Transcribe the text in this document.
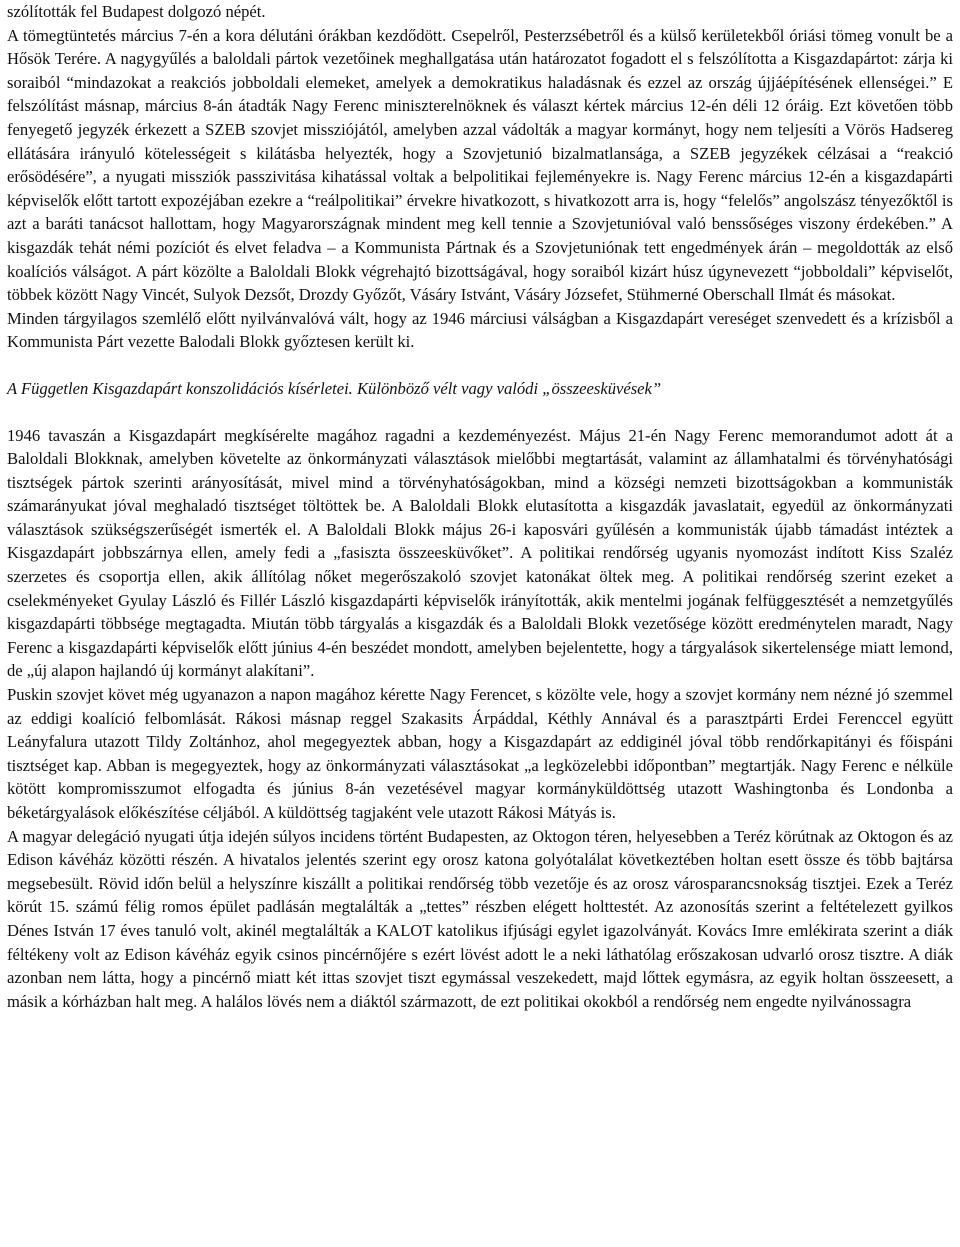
szólították fel Budapest dolgozó népét.

A tömegtüntetés március 7-én a kora délutáni órákban kezdődött. Csepelről, Pesterzsébetről és a külső kerületekből óriási tömeg vonult be a Hősök Terére. A nagygyűlés a baloldali pártok vezetőinek meghallgatása után határozatot fogadott el s felszólította a Kisgazdapártot: zárja ki soraiból “mindazokat a reakciós jobboldali elemeket, amelyek a demokratikus haladásnak és ezzel az ország újjáépítésének ellenségei.” E felszólítást másnap, március 8-án átadták Nagy Ferenc miniszterelnöknek és választ kértek március 12-én déli 12 óráig. Ezt követően több fenyegető jegyzék érkezett a SZEB szovjet missziójától, amelyben azzal vádolták a magyar kormányt, hogy nem teljesíti a Vörös Hadsereg ellátására irányuló kötelességeit s kilátásba helyezték, hogy a Szovjetunió bizalmatlansága, a SZEB jegyzékek célzásai a “reakció erősödésére”, a nyugati missziók passzivitása kihatással voltak a belpolitikai fejleményekre is. Nagy Ferenc március 12-én a kisgazdapárti képviselők előtt tartott expozéjában ezekre a “reálpolitikai” érvekre hivatkozott, s hivatkozott arra is, hogy “felelős” angolszász tényezőktől is azt a baráti tanácsot hallottam, hogy Magyarországnak mindent meg kell tennie a Szovjetunióval való benssőséges viszony érdekében.” A kisgazdák tehát némi pozíciót és elvet feladva – a Kommunista Pártnak és a Szovjetuniónak tett engedmények árán – megoldották az első koalíciós válságot. A párt közölte a Baloldali Blokk végrehajtó bizottságával, hogy soraiból kizárt húsz úgynevezett “jobboldali” képviselőt, többek között Nagy Vincét, Sulyok Dezsőt, Drozdy Győzőt, Vásáry Istvánt, Vásáry Józsefet, Stühmerné Oberschall Ilmát és másokat.

Minden tárgyilagos szemlélő előtt nyilvánvalóvá vált, hogy az 1946 márciusi válságban a Kisgazdapárt vereséget szenvedett és a krízisből a Kommunista Párt vezette Balodali Blokk győztesen került ki.

A Független Kisgazdapárt konszolidációs kísérletei. Különböző vélt vagy valódi „összeesküvések”

1946 tavaszán a Kisgazdapárt megkísérelte magához ragadni a kezdeményezést. Május 21-én Nagy Ferenc memorandumot adott át a Baloldali Blokknak, amelyben követelte az önkormányzati választások mielőbbi megtartását, valamint az államhatalmi és törvényhatósági tisztségek pártok szerinti arányosítását, mivel mind a törvényhatóságokban, mind a községi nemzeti bizottságokban a kommunisták számarányukat jóval meghaladó tisztséget töltöttek be. A Baloldali Blokk elutasította a kisgazdák javaslatait, egyedül az önkormányzati választások szükségszerűségét ismerték el. A Baloldali Blokk május 26-i kaposvári gyűlésén a kommunisták újabb támadást intéztek a Kisgazdapárt jobbszárnya ellen, amely fedi a „fasiszta összeesküvőket”. A politikai rendőrség ugyanis nyomozást indított Kiss Szaléz szerzetes és csoportja ellen, akik állítólag nőket megerőszakoló szovjet katonákat öltek meg. A politikai rendőrség szerint ezeket a cselekményeket Gyulay László és Fillér László kisgazdapárti képviselők irányították, akik mentelmi jogának felfüggesztését a nemzetgyűlés kisgazdapárti többsége megtagadta. Miután több tárgyalás a kisgazdák és a Baloldali Blokk vezetősége között eredménytelen maradt, Nagy Ferenc a kisgazdapárti képviselők előtt június 4-én beszédet mondott, amelyben bejelentette, hogy a tárgyalások sikertelensége miatt lemond, de „új alapon hajlandó új kormányt alakítani”.

Puskin szovjet követ még ugyanazon a napon magához kérette Nagy Ferencet, s közölte vele, hogy a szovjet kormány nem nézné jó szemmel az eddigi koalíció felbomlását. Rákosi másnap reggel Szakasits Árpáddal, Kéthly Annával és a parasztpárti Erdei Ferenccel együtt Leányfalura utazott Tildy Zoltánhoz, ahol megegyeztek abban, hogy a Kisgazdapárt az eddiginél jóval több rendőrkapitányi és főispáni tisztséget kap. Abban is megegyeztek, hogy az önkormányzati választásokat „a legközelebbi időpontban” megtartják. Nagy Ferenc e nélküle kötött kompromisszumot elfogadta és június 8-án vezetésével magyar kormányküldöttség utazott Washingtonba és Londonba a béketárgyalások előkészítése céljából. A küldöttség tagjaként vele utazott Rákosi Mátyás is.

A magyar delegáció nyugati útja idején súlyos incidens történt Budapesten, az Oktogon téren, helyesebben a Teréz körútnak az Oktogon és az Edison kávéház közötti részén. A hivatalos jelentés szerint egy orosz katona golyótalálat következtében holtan esett össze és több bajtársa megsebesült. Rövid időn belül a helyszínre kiszállt a politikai rendőrség több vezetője és az orosz városparancsnokság tisztjei. Ezek a Teréz körút 15. számú félig romos épület padlásán megtalálták a „tettes” részben elégett holttestét. Az azonosítás szerint a feltételezett gyilkos Dénes István 17 éves tanuló volt, akinél megtalálták a KALOT katolikus ifjúsági egylet igazolványát. Kovács Imre emlékirata szerint a diák féltékeny volt az Edison kávéház egyik csinos pincérnőjére s ezért lövést adott le a neki láthatólag erőszakosan udvarló orosz tisztre. A diák azonban nem látta, hogy a pincérnő miatt két ittas szovjet tiszt egymással veszekedett, majd lőttek egymásra, az egyik holtan összeesett, a másik a kórházban halt meg. A halálos lövés nem a diáktól származott, de ezt politikai okokból a rendőrség nem engedte nyilvánossagra
